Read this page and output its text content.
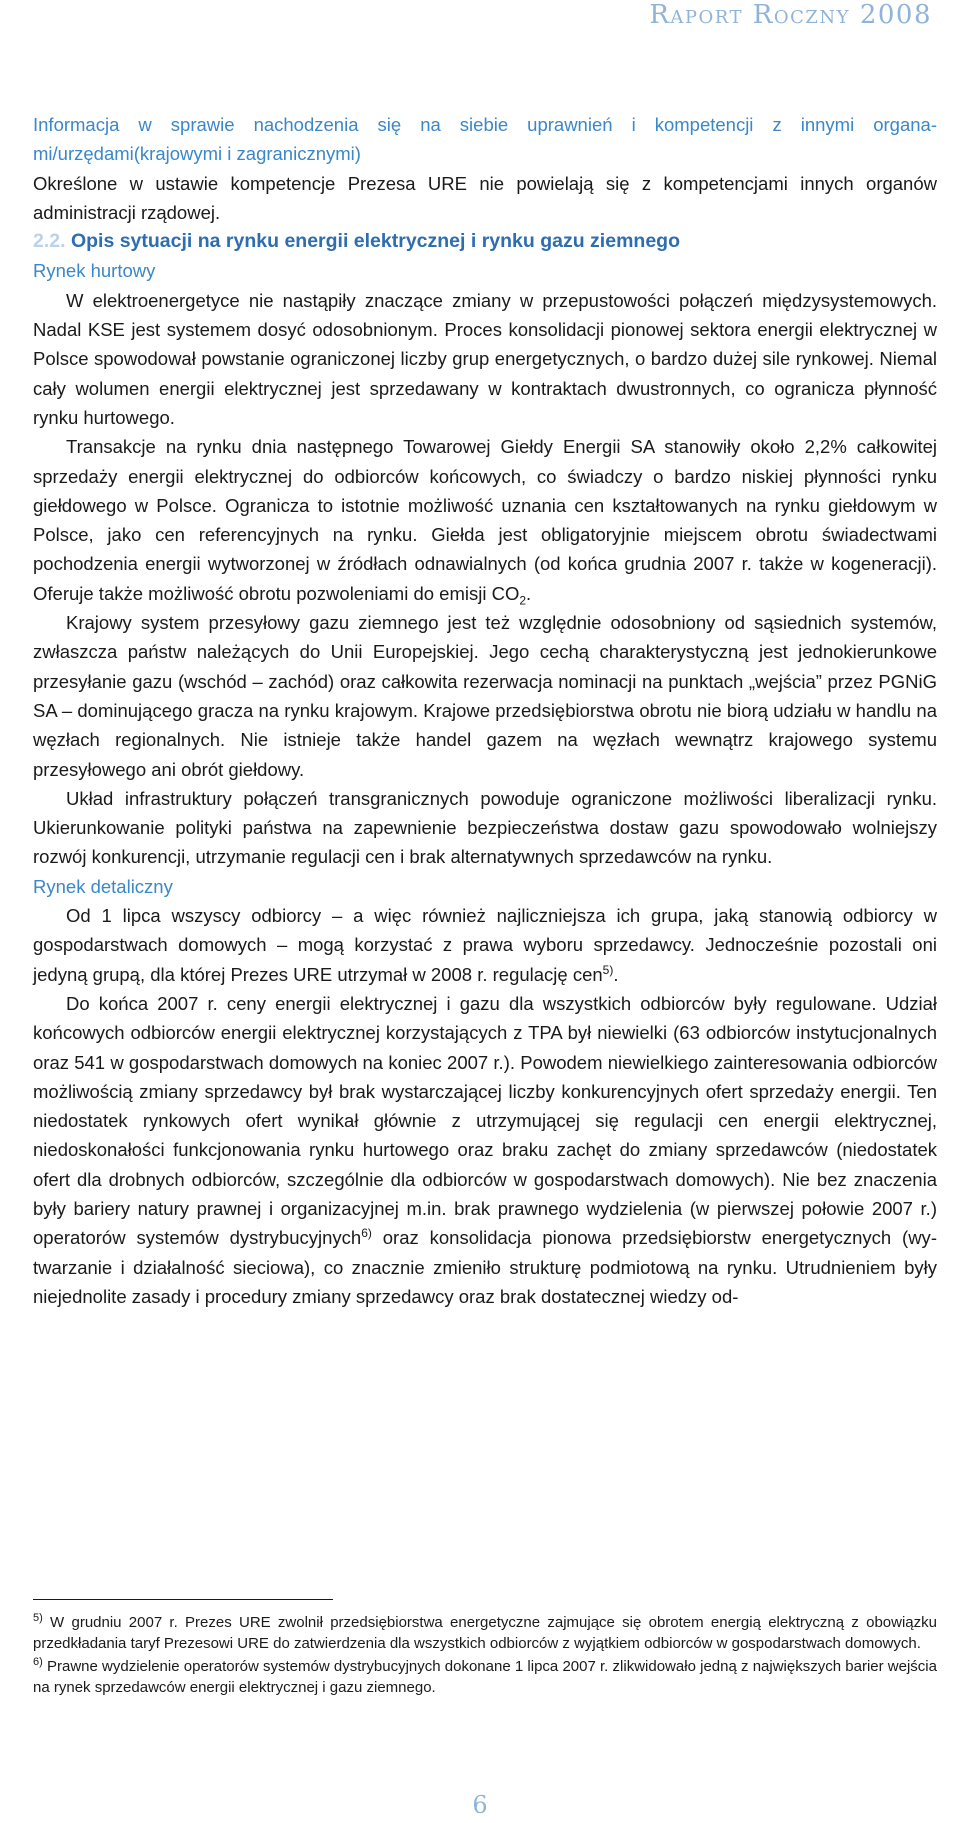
Raport Roczny 2008

Informacja w sprawie nachodzenia się na siebie uprawnień i kompetencji z innymi organami/urzędami(krajowymi i zagranicznymi)

Określone w ustawie kompetencje Prezesa URE nie powielają się z kompetencjami innych organów administracji rządowej.

2.2. Opis sytuacji na rynku energii elektrycznej i rynku gazu ziemnego

Rynek hurtowy

W elektroenergetyce nie nastąpiły znaczące zmiany w przepustowości połączeń międzysystemowych. Nadal KSE jest systemem dosyć odosobnionym. Proces konsolidacji pionowej sektora energii elektrycznej w Polsce spowodował powstanie ograniczonej liczby grup energetycznych, o bardzo dużej sile rynkowej. Niemal cały wolumen energii elektrycznej jest sprzedawany w kontraktach dwustronnych, co ogranicza płynność rynku hurtowego.

Transakcje na rynku dnia następnego Towarowej Giełdy Energii SA stanowiły około 2,2% całkowitej sprzedaży energii elektrycznej do odbiorców końcowych, co świadczy o bardzo niskiej płynności rynku giełdowego w Polsce. Ogranicza to istotnie możliwość uznania cen kształtowanych na rynku giełdowym w Polsce, jako cen referencyjnych na rynku. Giełda jest obligatoryjnie miejscem obrotu świadectwami pochodzenia energii wytworzonej w źródłach odnawialnych (od końca grudnia 2007 r. także w kogeneracji). Oferuje także możliwość obrotu pozwoleniami do emisji $CO_2$.

Krajowy system przesyłowy gazu ziemnego jest też względnie odosobniony od sąsiednich systemów, zwłaszcza państw należących do Unii Europejskiej. Jego cechą charakterystyczną jest jednokierunkowe przesyłanie gazu (wschód – zachód) oraz całkowita rezerwacja nominacji na punktach „wejścia” przez PGNiG SA – dominującego gracza na rynku krajowym. Krajowe przedsiębiorstwa obrotu nie biorą udziału w handlu na węzłach regionalnych. Nie istnieje także handel gazem na węzłach wewnątrz krajowego systemu przesyłowego ani obrót giełdowy.

Układ infrastruktury połączeń transgranicznych powoduje ograniczone możliwości liberalizacji rynku. Ukierunkowanie polityki państwa na zapewnienie bezpieczeństwa dostaw gazu spowodowało wolniejszy rozwój konkurencji, utrzymanie regulacji cen i brak alternatywnych sprzedawców na rynku.

Rynek detaliczny

Od 1 lipca wszyscy odbiorcy – a więc również najliczniejsza ich grupa, jaką stanowią odbiorcy w gospodarstwach domowych – mogą korzystać z prawa wyboru sprzedawcy. Jednocześnie pozostali oni jedyną grupą, dla której Prezes URE utrzymał w 2008 r. regulację cen$^{5)}$.

Do końca 2007 r. ceny energii elektrycznej i gazu dla wszystkich odbiorców były regulowane. Udział końcowych odbiorców energii elektrycznej korzystających z TPA był niewielki (63 odbiorców instytucjonalnych oraz 541 w gospodarstwach domowych na koniec 2007 r.). Powodem niewielkiego zainteresowania odbiorców możliwością zmiany sprzedawcy był brak wystarczającej liczby konkurencyjnych ofert sprzedaży energii. Ten niedostatek rynkowych ofert wynikał głównie z utrzymującej się regulacji cen energii elektrycznej, niedoskonałości funkcjonowania rynku hurtowego oraz braku zachęt do zmiany sprzedawców (niedostatek ofert dla drobnych odbiorców, szczególnie dla odbiorców w gospodarstwach domowych). Nie bez znaczenia były bariery natury prawnej i organizacyjnej m.in. brak prawnego wydzielenia (w pierwszej połowie 2007 r.) operatorów systemów dystrybucyjnych$^{6)}$ oraz konsolidacja pionowa przedsiębiorstw energetycznych (wytwarzanie i działalność sieciowa), co znacznie zmieniło strukturę podmiotową na rynku. Utrudnieniem były niejednolite zasady i procedury zmiany sprzedawcy oraz brak dostatecznej wiedzy od-

$^{5)}$ W grudniu 2007 r. Prezes URE zwolnił przedsiębiorstwa energetyczne zajmujące się obrotem energią elektryczną z obowiązku przedkładania taryf Prezesowi URE do zatwierdzenia dla wszystkich odbiorców z wyjątkiem odbiorców w gospodarstwach domowych.

$^{6)}$ Prawne wydzielenie operatorów systemów dystrybucyjnych dokonane 1 lipca 2007 r. zlikwidowało jedną z największych barier wejścia na rynek sprzedawców energii elektrycznej i gazu ziemnego.

6
